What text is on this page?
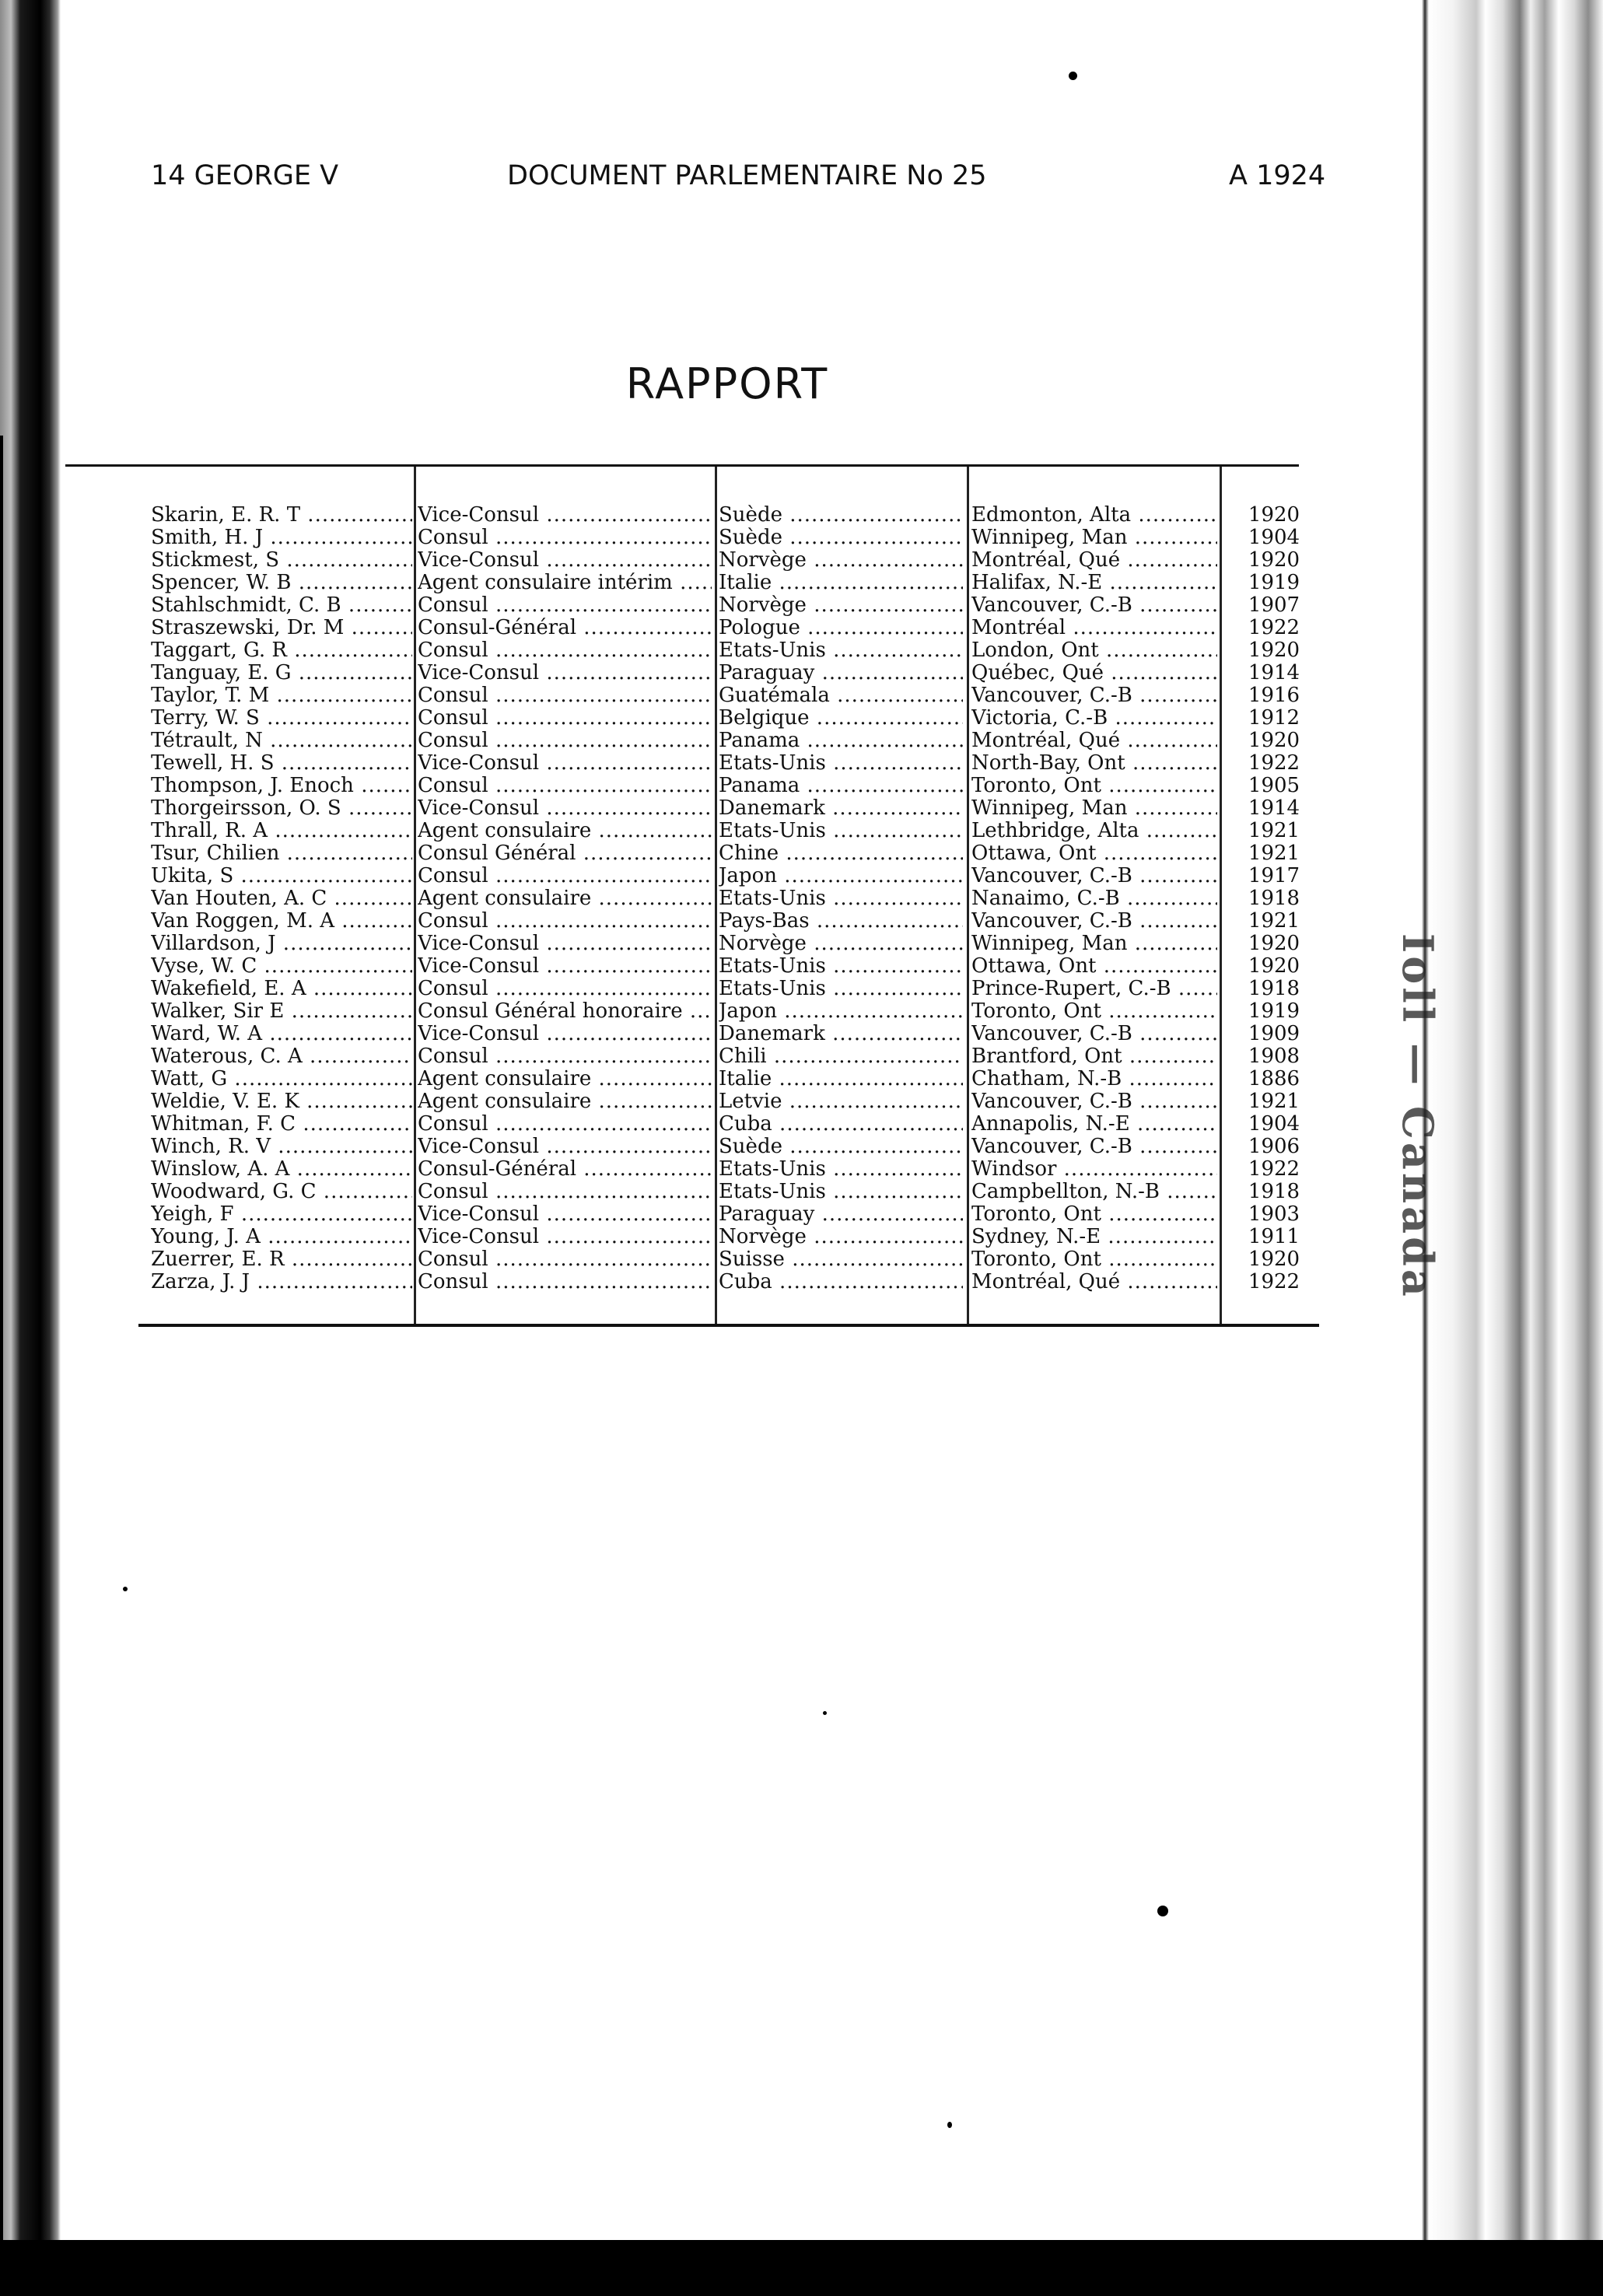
Ioll — Canada
14 GEORGE V	DOCUMENT PARLEMENTAIRE No 25	A 1924
RAPPORT
Skarin, E. R. T .....	Vice-Consul .....	Suède .....	Edmonton, Alta .....	1920
Smith, H. J .....	Consul .....	Suède .....	Winnipeg, Man .....	1904
Stickmest, S .....	Vice-Consul .....	Norvège .....	Montréal, Qué .....	1920
Spencer, W. B .....	Agent consulaire intérim .....	Italie .....	Halifax, N.-E .....	1919
Stahlschmidt, C. B .....	Consul .....	Norvège .....	Vancouver, C.-B .....	1907
Straszewski, Dr. M .....	Consul-Général .....	Pologue .....	Montréal .....	1922
Taggart, G. R .....	Consul .....	Etats-Unis .....	London, Ont .....	1920
Tanguay, E. G .....	Vice-Consul .....	Paraguay .....	Québec, Qué .....	1914
Taylor, T. M .....	Consul .....	Guatémala .....	Vancouver, C.-B .....	1916
Terry, W. S .....	Consul .....	Belgique .....	Victoria, C.-B .....	1912
Tétrault, N .....	Consul .....	Panama .....	Montréal, Qué .....	1920
Tewell, H. S .....	Vice-Consul .....	Etats-Unis .....	North-Bay, Ont .....	1922
Thompson, J. Enoch .....	Consul .....	Panama .....	Toronto, Ont .....	1905
Thorgeirsson, O. S .....	Vice-Consul .....	Danemark .....	Winnipeg, Man .....	1914
Thrall, R. A .....	Agent consulaire .....	Etats-Unis .....	Lethbridge, Alta .....	1921
Tsur, Chilien .....	Consul Général .....	Chine .....	Ottawa, Ont .....	1921
Ukita, S .....	Consul .....	Japon .....	Vancouver, C.-B .....	1917
Van Houten, A. C .....	Agent consulaire .....	Etats-Unis .....	Nanaimo, C.-B .....	1918
Van Roggen, M. A .....	Consul .....	Pays-Bas .....	Vancouver, C.-B .....	1921
Villardson, J .....	Vice-Consul .....	Norvège .....	Winnipeg, Man .....	1920
Vyse, W. C .....	Vice-Consul .....	Etats-Unis .....	Ottawa, Ont .....	1920
Wakefield, E. A .....	Consul .....	Etats-Unis .....	Prince-Rupert, C.-B .....	1918
Walker, Sir E .....	Consul Général honoraire .....	Japon .....	Toronto, Ont .....	1919
Ward, W. A .....	Vice-Consul .....	Danemark .....	Vancouver, C.-B .....	1909
Waterous, C. A .....	Consul .....	Chili .....	Brantford, Ont .....	1908
Watt, G .....	Agent consulaire .....	Italie .....	Chatham, N.-B .....	1886
Weldie, V. E. K .....	Agent consulaire .....	Letvie .....	Vancouver, C.-B .....	1921
Whitman, F. C .....	Consul .....	Cuba .....	Annapolis, N.-E .....	1904
Winch, R. V .....	Vice-Consul .....	Suède .....	Vancouver, C.-B .....	1906
Winslow, A. A .....	Consul-Général .....	Etats-Unis .....	Windsor .....	1922
Woodward, G. C .....	Consul .....	Etats-Unis .....	Campbellton, N.-B .....	1918
Yeigh, F .....	Vice-Consul .....	Paraguay .....	Toronto, Ont .....	1903
Young, J. A .....	Vice-Consul .....	Norvège .....	Sydney, N.-E .....	1911
Zuerrer, E. R .....	Consul .....	Suisse .....	Toronto, Ont .....	1920
Zarza, J. J .....	Consul .....	Cuba .....	Montréal, Qué .....	1922
